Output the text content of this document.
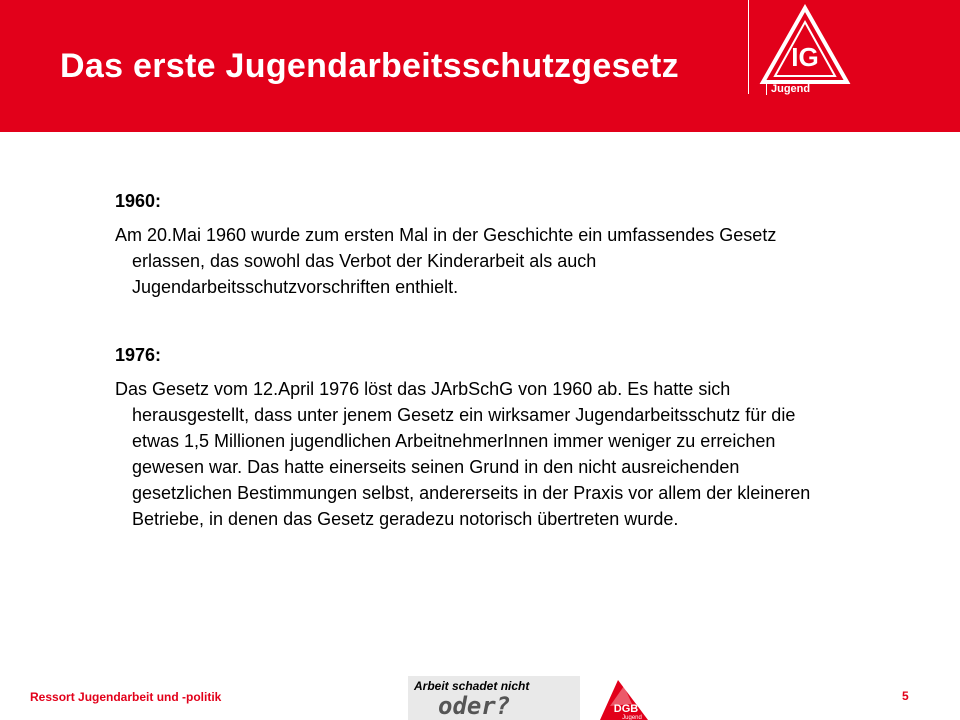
Das erste Jugendarbeitsschutzgesetz	IG
Jugend

1960:

Am 20.Mai 1960 wurde zum ersten Mal in der Geschichte ein umfassendes Gesetz erlassen, das sowohl das Verbot der Kinderarbeit als auch Jugendarbeitsschutzvorschriften enthielt.

1976:

Das Gesetz vom 12.April 1976 löst das JArbSchG von 1960 ab. Es hatte sich herausgestellt, dass unter jenem Gesetz ein wirksamer Jugendarbeitsschutz für die etwas 1,5 Millionen jugendlichen ArbeitnehmerInnen immer weniger zu erreichen gewesen war. Das hatte einerseits seinen Grund in den nicht ausreichenden gesetzlichen Bestimmungen selbst, andererseits in der Praxis vor allem der kleineren Betriebe, in denen das Gesetz geradezu notorisch übertreten wurde.

Ressort Jugendarbeit und -politik
Arbeit schadet nicht
oder?	DGB
Jugend
5
